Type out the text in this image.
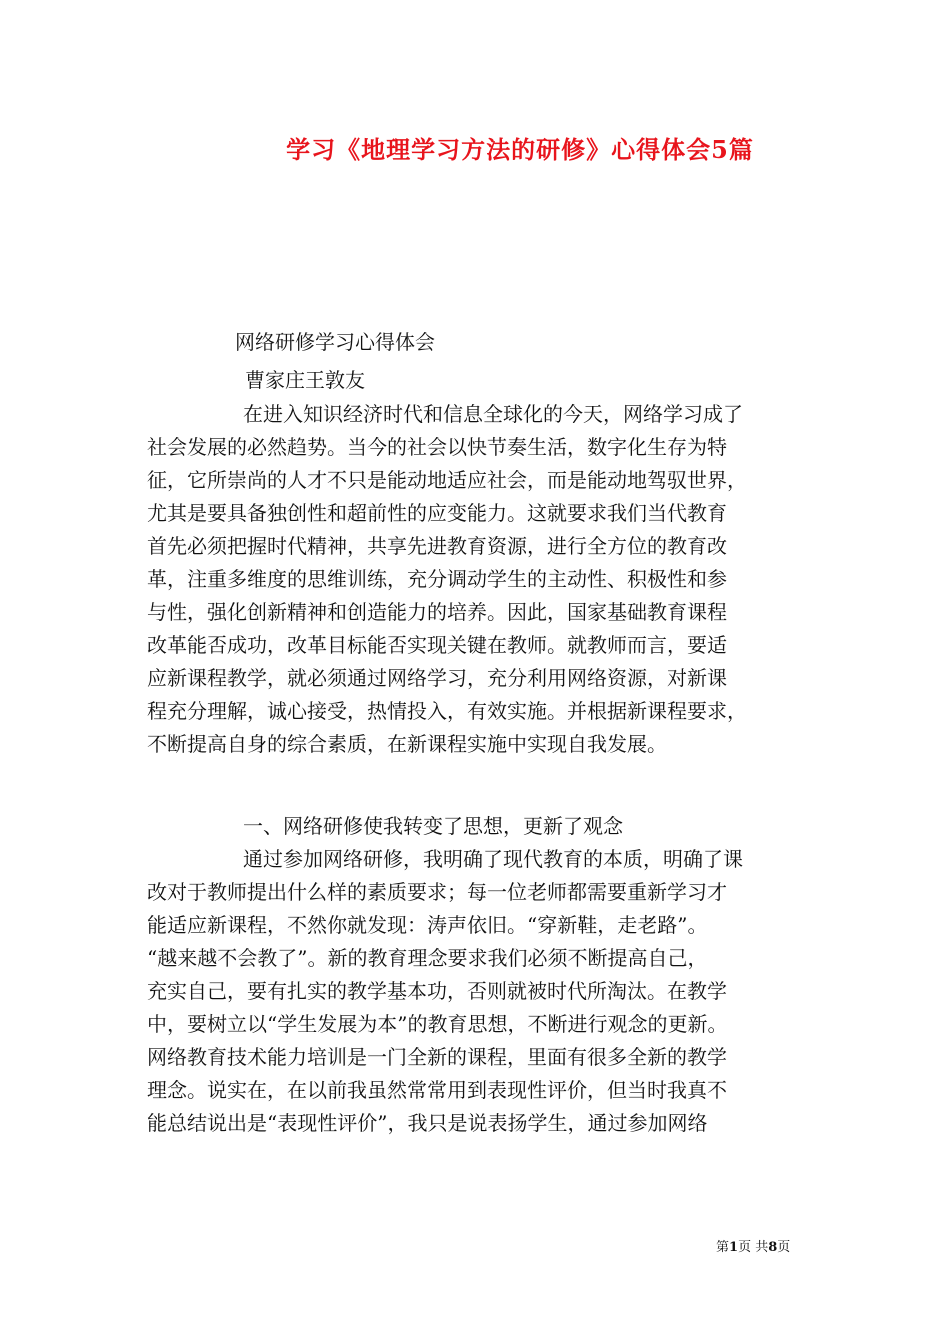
学习《地理学习方法的研修》心得体会5篇
网络研修学习心得体会
曹家庄王敦友
在进入知识经济时代和信息全球化的今天，网络学习成了
社会发展的必然趋势。当今的社会以快节奏生活，数字化生存为特
征，它所崇尚的人才不只是能动地适应社会，而是能动地驾驭世界，
尤其是要具备独创性和超前性的应变能力。这就要求我们当代教育
首先必须把握时代精神，共享先进教育资源，进行全方位的教育改
革，注重多维度的思维训练，充分调动学生的主动性、积极性和参
与性，强化创新精神和创造能力的培养。因此，国家基础教育课程
改革能否成功，改革目标能否实现关键在教师。就教师而言，要适
应新课程教学，就必须通过网络学习，充分利用网络资源，对新课
程充分理解，诚心接受，热情投入，有效实施。并根据新课程要求，
不断提高自身的综合素质，在新课程实施中实现自我发展。
一、网络研修使我转变了思想，更新了观念
通过参加网络研修，我明确了现代教育的本质，明确了课
改对于教师提出什么样的素质要求；每一位老师都需要重新学习才
能适应新课程，不然你就发现：涛声依旧。“穿新鞋，走老路”。
“越来越不会教了”。新的教育理念要求我们必须不断提高自己，
充实自己，要有扎实的教学基本功，否则就被时代所淘汰。在教学
中，要树立以“学生发展为本”的教育思想，不断进行观念的更新。
网络教育技术能力培训是一门全新的课程，里面有很多全新的教学
理念。说实在，在以前我虽然常常用到表现性评价，但当时我真不
能总结说出是“表现性评价”，我只是说表扬学生，通过参加网络
第1页 共8页
